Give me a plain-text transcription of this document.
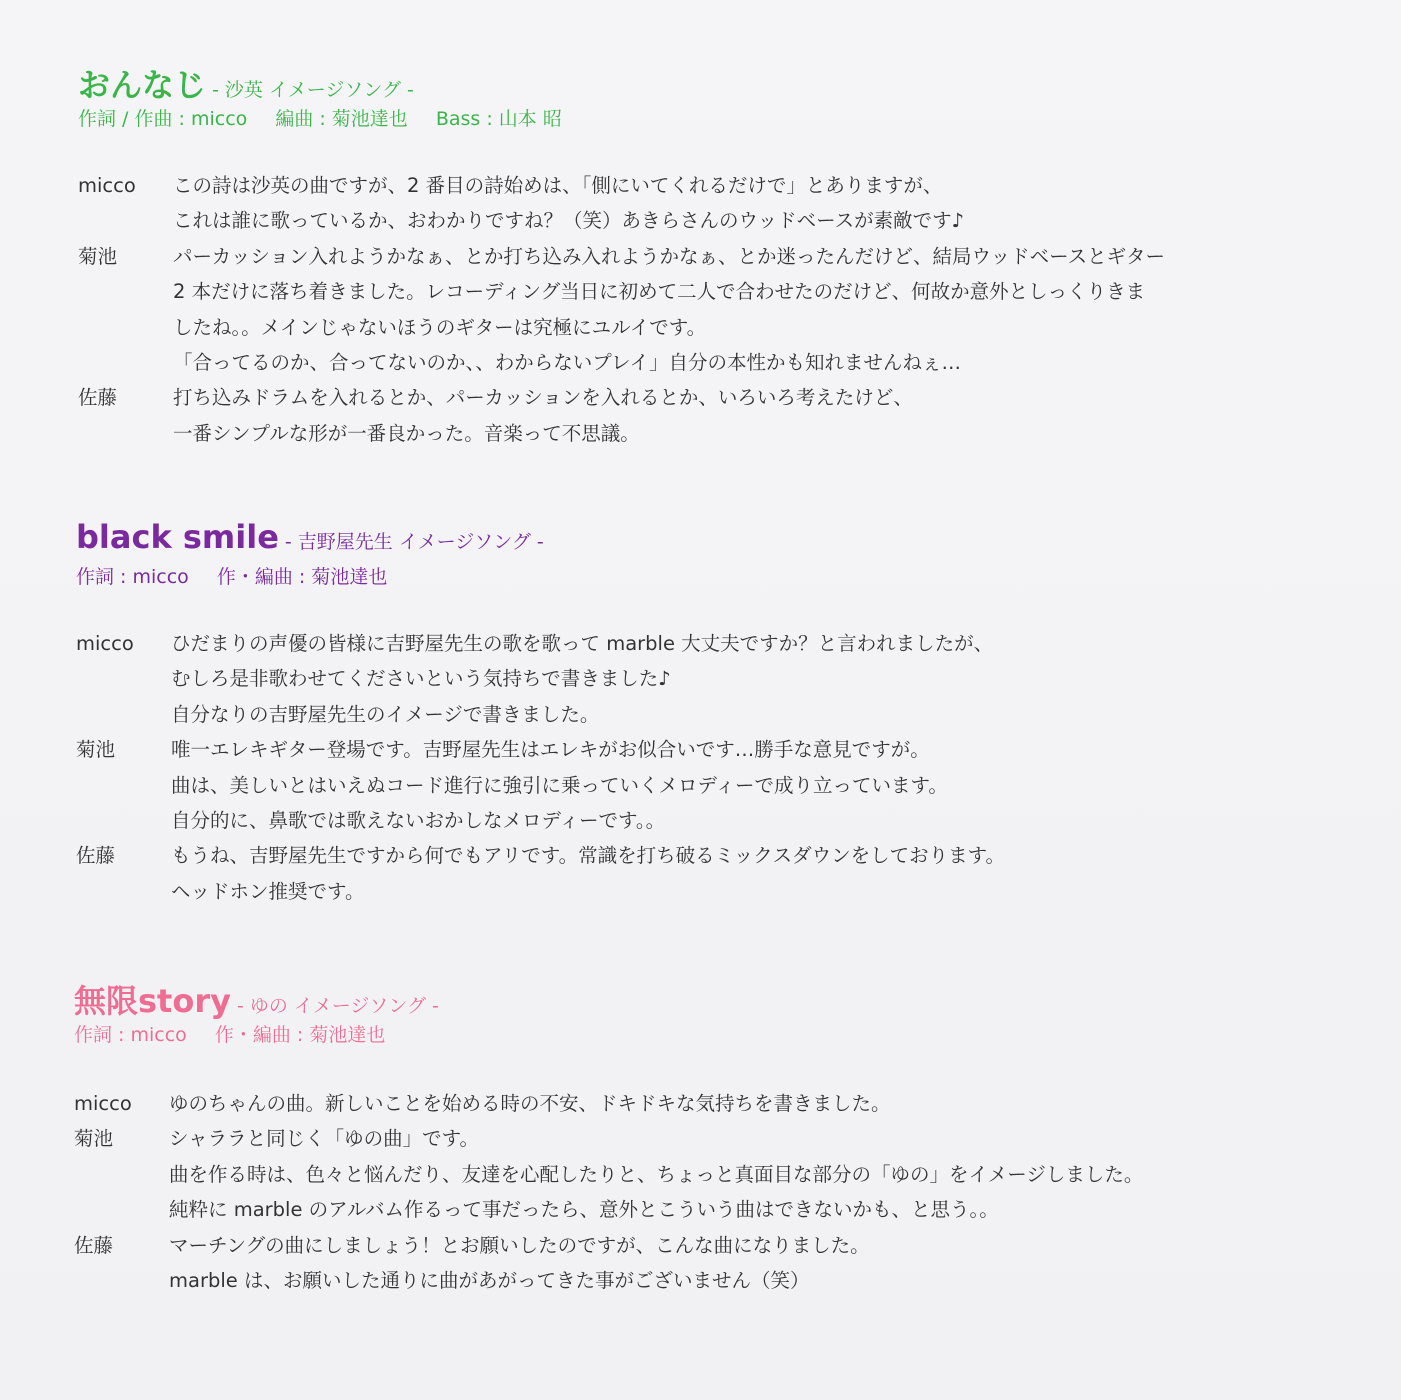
おんなじ - 沙英 イメージソング -
作詞 / 作曲 : micco 編曲 : 菊池達也 Bass : 山本 昭
micco この詩は沙英の曲ですが、2 番目の詩始めは、「側にいてくれるだけで」とありますが、
これは誰に歌っているか、おわかりですね？（笑）あきらさんのウッドベースが素敵です♪
菊池	パーカッション入れようかなぁ、とか打ち込み入れようかなぁ、とか迷ったんだけど、結局ウッドベースとギター
2 本だけに落ち着きました。レコーディング当日に初めて二人で合わせたのだけど、何故か意外としっくりきま
したね。。メインじゃないほうのギターは究極にユルイです。
「合ってるのか、合ってないのか、、わからないプレイ」自分の本性かも知れませんねぇ…
佐藤	打ち込みドラムを入れるとか、パーカッションを入れるとか、いろいろ考えたけど、
一番シンプルな形が一番良かった。音楽って不思議。
black smile - 吉野屋先生 イメージソング -
作詞 : micco 作・編曲 : 菊池達也
micco ひだまりの声優の皆様に吉野屋先生の歌を歌って marble 大丈夫ですか？と言われましたが、
むしろ是非歌わせてくださいという気持ちで書きました♪
自分なりの吉野屋先生のイメージで書きました。
菊池	唯一エレキギター登場です。吉野屋先生はエレキがお似合いです…勝手な意見ですが。
曲は、美しいとはいえぬコード進行に強引に乗っていくメロディーで成り立っています。
自分的に、鼻歌では歌えないおかしなメロディーです。。
佐藤	もうね、吉野屋先生ですから何でもアリです。常識を打ち破るミックスダウンをしております。
ヘッドホン推奨です。
無限story - ゆの イメージソング -
作詞 : micco 作・編曲 : 菊池達也
micco ゆのちゃんの曲。新しいことを始める時の不安、ドキドキな気持ちを書きました。
菊池	シャララと同じく「ゆの曲」です。
曲を作る時は、色々と悩んだり、友達を心配したりと、ちょっと真面目な部分の「ゆの」をイメージしました。
純粋に marble のアルバム作るって事だったら、意外とこういう曲はできないかも、と思う。。
佐藤	マーチングの曲にしましょう！とお願いしたのですが、こんな曲になりました。
marble は、お願いした通りに曲があがってきた事がございません（笑）
